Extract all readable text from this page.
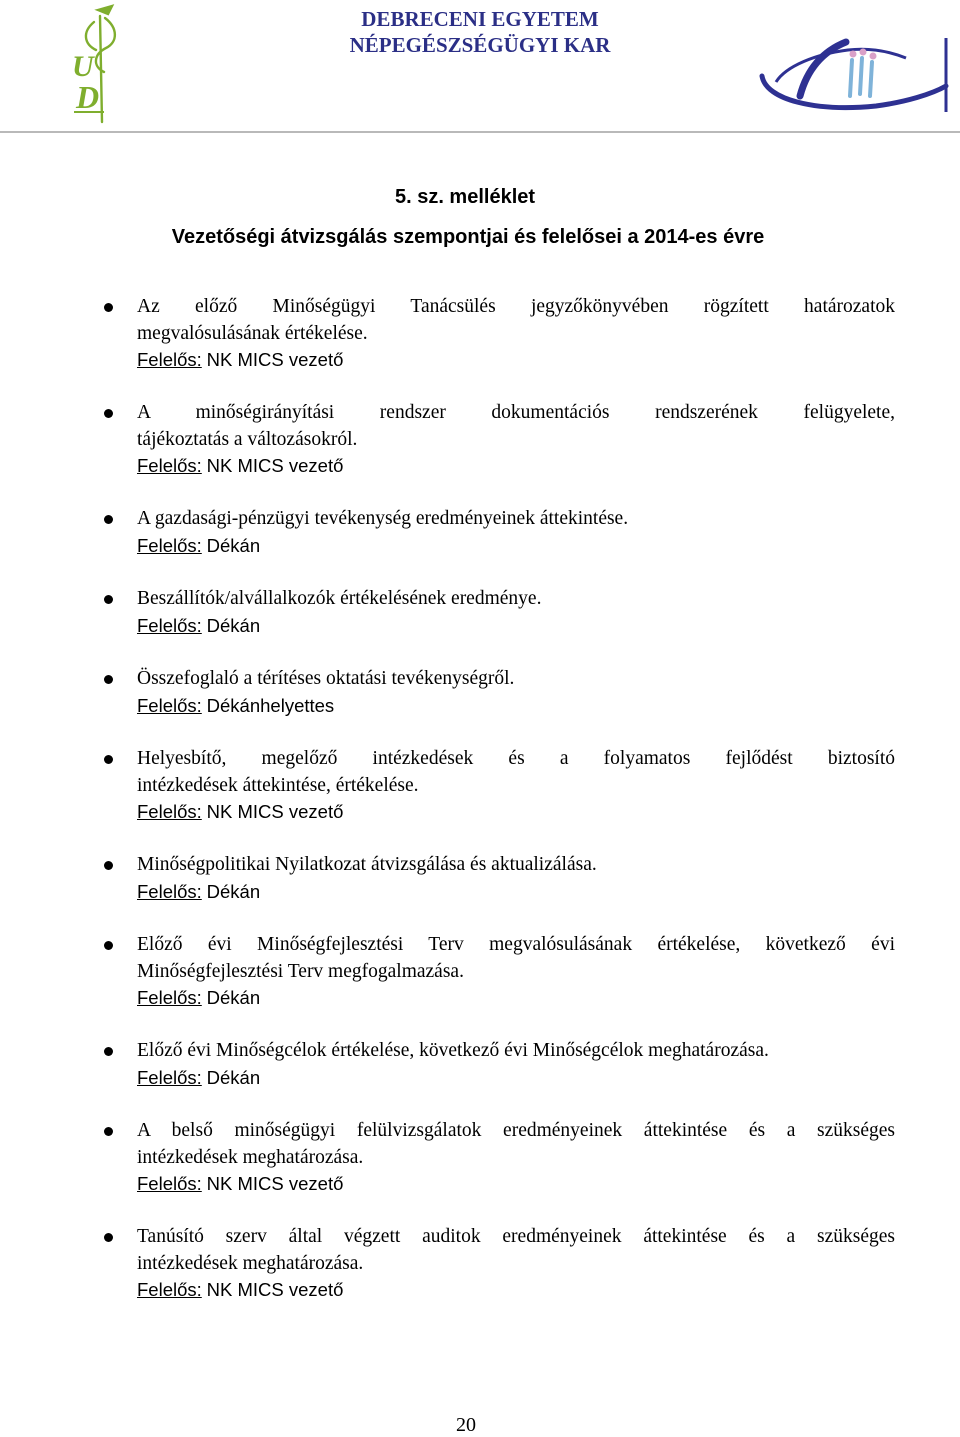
U
D
DEBRECENI EGYETEM
NÉPEGÉSZSÉGÜGYI KAR
5. sz. melléklet
Vezetőségi átvizsgálás szempontjai és felelősei a 2014-es évre
Az előző Minőségügyi Tanácsülés jegyzőkönyvében rögzített határozatok
megvalósulásának értékelése.
Felelős: NK MICS vezető
A minőségirányítási rendszer dokumentációs rendszerének felügyelete,
tájékoztatás a változásokról.
Felelős: NK MICS vezető
A gazdasági-pénzügyi tevékenység eredményeinek áttekintése.
Felelős: Dékán
Beszállítók/alvállalkozók értékelésének eredménye.
Felelős: Dékán
Összefoglaló a térítéses oktatási tevékenységről.
Felelős: Dékánhelyettes
Helyesbítő, megelőző intézkedések és a folyamatos fejlődést biztosító
intézkedések áttekintése, értékelése.
Felelős: NK MICS vezető
Minőségpolitikai Nyilatkozat átvizsgálása és aktualizálása.
Felelős: Dékán
Előző évi Minőségfejlesztési Terv megvalósulásának értékelése, következő évi
Minőségfejlesztési Terv megfogalmazása.
Felelős: Dékán
Előző évi Minőségcélok értékelése, következő évi Minőségcélok meghatározása.
Felelős: Dékán
A belső minőségügyi felülvizsgálatok eredményeinek áttekintése és a szükséges
intézkedések meghatározása.
Felelős: NK MICS vezető
Tanúsító szerv által végzett auditok eredményeinek áttekintése és a szükséges
intézkedések meghatározása.
Felelős: NK MICS vezető
20
